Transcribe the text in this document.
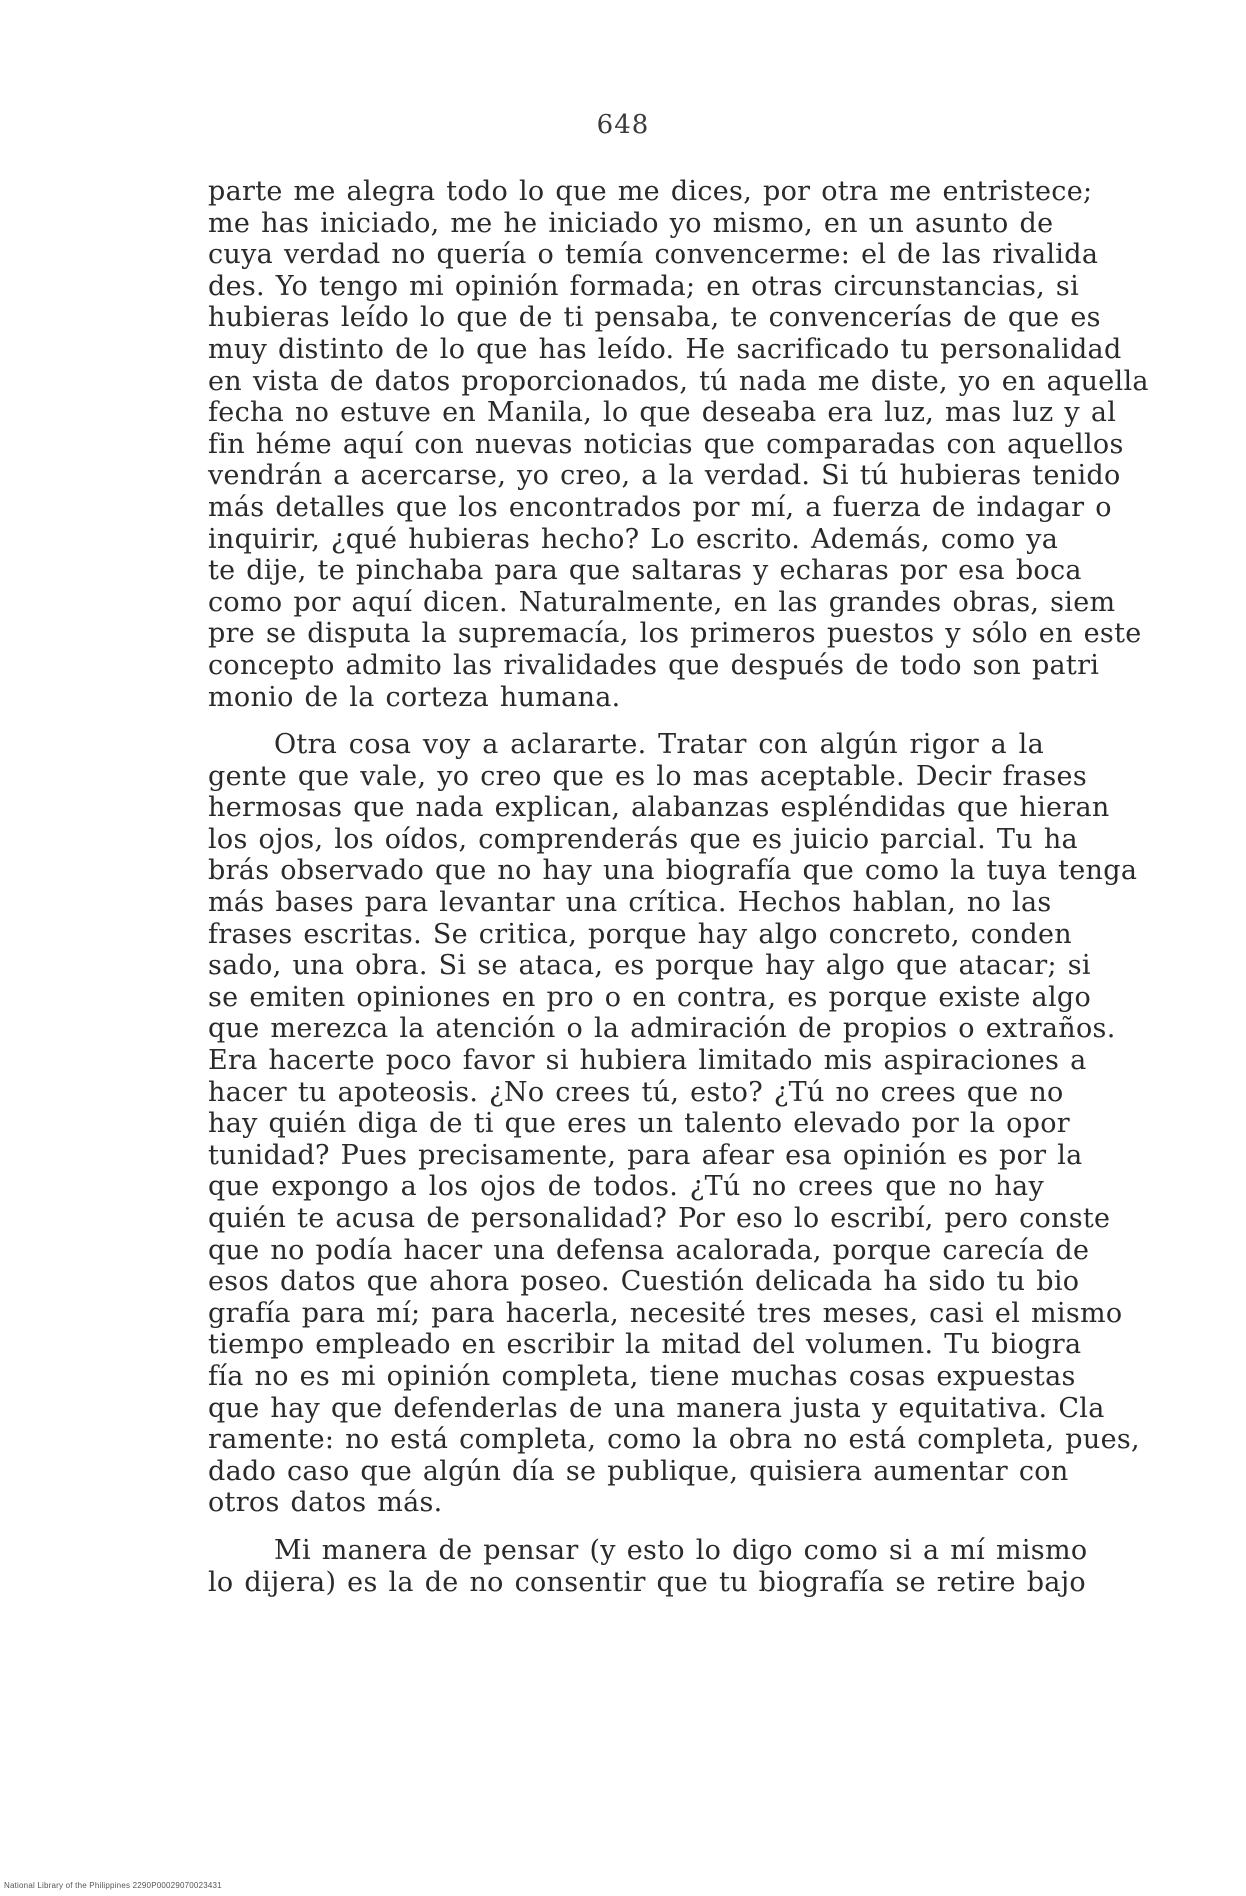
648
parte me alegra todo lo que me dices, por otra me entristece;
me has iniciado, me he iniciado yo mismo, en un asunto de
cuya verdad no quería o temía convencerme: el de las rivalida
des. Yo tengo mi opinión formada; en otras circunstancias, si
hubieras leído lo que de ti pensaba, te convencerías de que es
muy distinto de lo que has leído. He sacrificado tu personalidad
en vista de datos proporcionados, tú nada me diste, yo en aquella
fecha no estuve en Manila, lo que deseaba era luz, mas luz y al
fin héme aquí con nuevas noticias que comparadas con aquellos
vendrán a acercarse, yo creo, a la verdad. Si tú hubieras tenido
más detalles que los encontrados por mí, a fuerza de indagar o
inquirir, ¿qué hubieras hecho? Lo escrito. Además, como ya
te dije, te pinchaba para que saltaras y echaras por esa boca
como por aquí dicen. Naturalmente, en las grandes obras, siem
pre se disputa la supremacía, los primeros puestos y sólo en este
concepto admito las rivalidades que después de todo son patri
monio de la corteza humana.
Otra cosa voy a aclararte. Tratar con algún rigor a la
gente que vale, yo creo que es lo mas aceptable. Decir frases
hermosas que nada explican, alabanzas espléndidas que hieran
los ojos, los oídos, comprenderás que es juicio parcial. Tu ha
brás observado que no hay una biografía que como la tuya tenga
más bases para levantar una crítica. Hechos hablan, no las
frases escritas. Se critica, porque hay algo concreto, conden
sado, una obra. Si se ataca, es porque hay algo que atacar; si
se emiten opiniones en pro o en contra, es porque existe algo
que merezca la atención o la admiración de propios o extraños.
Era hacerte poco favor si hubiera limitado mis aspiraciones a
hacer tu apoteosis. ¿No crees tú, esto? ¿Tú no crees que no
hay quién diga de ti que eres un talento elevado por la opor
tunidad? Pues precisamente, para afear esa opinión es por la
que expongo a los ojos de todos. ¿Tú no crees que no hay
quién te acusa de personalidad? Por eso lo escribí, pero conste
que no podía hacer una defensa acalorada, porque carecía de
esos datos que ahora poseo. Cuestión delicada ha sido tu bio
grafía para mí; para hacerla, necesité tres meses, casi el mismo
tiempo empleado en escribir la mitad del volumen. Tu biogra
fía no es mi opinión completa, tiene muchas cosas expuestas
que hay que defenderlas de una manera justa y equitativa. Cla
ramente: no está completa, como la obra no está completa, pues,
dado caso que algún día se publique, quisiera aumentar con
otros datos más.
Mi manera de pensar (y esto lo digo como si a mí mismo
lo dijera) es la de no consentir que tu biografía se retire bajo
National Library of the Philippines 2290P00029070023431
